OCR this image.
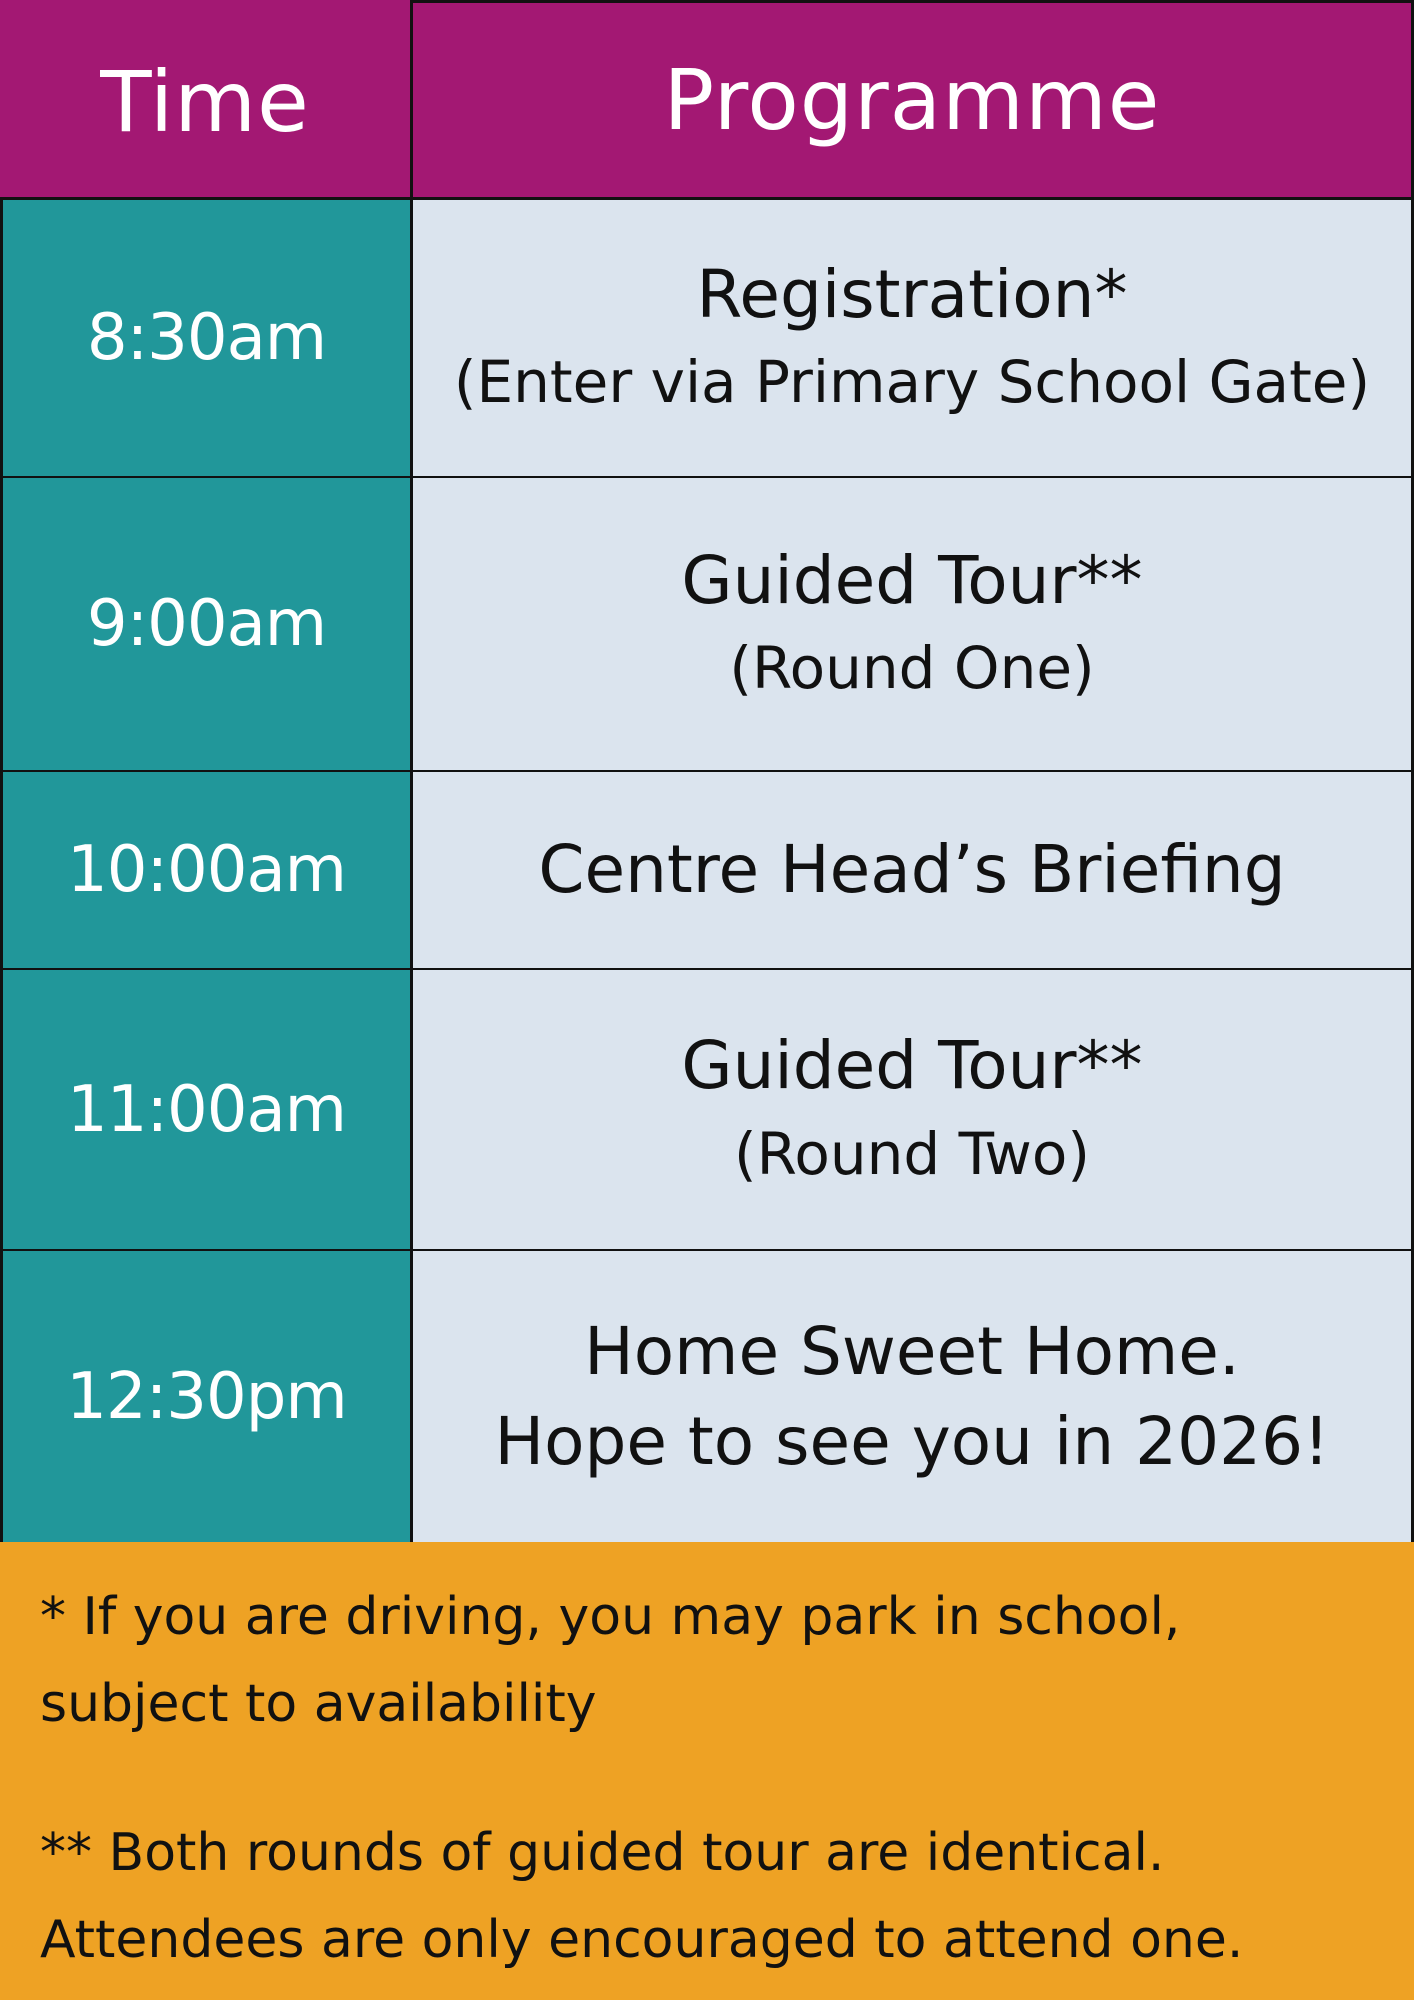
Time	Programme
8:30am
Registration*
(Enter via Primary School Gate)
9:00am
Guided Tour**
(Round One)
10:00am	Centre Head’s Briefing
11:00am
Guided Tour**
(Round Two)
12:30pm
Home Sweet Home.
Hope to see you in 2026!

* If you are driving, you may park in school, subject to availability

** Both rounds of guided tour are identical. Attendees are only encouraged to attend one.
